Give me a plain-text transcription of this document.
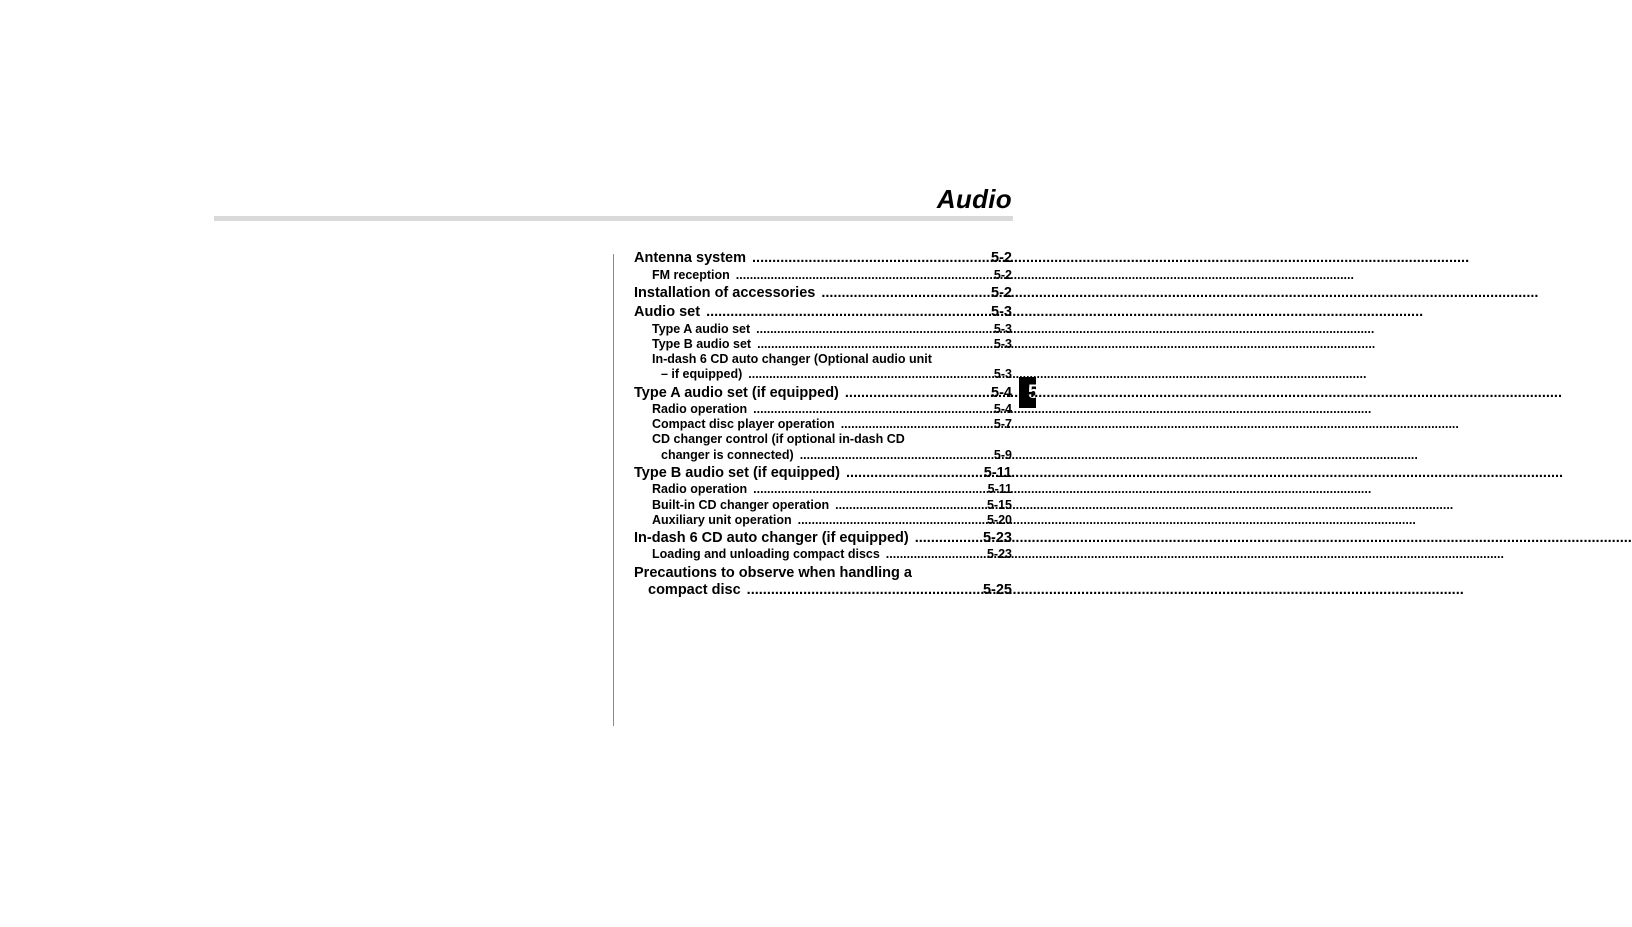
Audio
5
Antenna system .....	5-2
FM reception .....	5-2
Installation of accessories .....	5-2
Audio set .....	5-3
Type A audio set .....	5-3
Type B audio set .....	5-3
In-dash 6 CD auto changer (Optional audio unit
– if equipped) .....	5-3
Type A audio set (if equipped) .....	5-4
Radio operation .....	5-4
Compact disc player operation .....	5-7
CD changer control (if optional in-dash CD
changer is connected) .....	5-9
Type B audio set (if equipped) .....	5-11
Radio operation .....	5-11
Built-in CD changer operation .....	5-15
Auxiliary unit operation .....	5-20
In-dash 6 CD auto changer (if equipped) .....	5-23
Loading and unloading compact discs .....	5-23
Precautions to observe when handling a
compact disc .....	5-25
